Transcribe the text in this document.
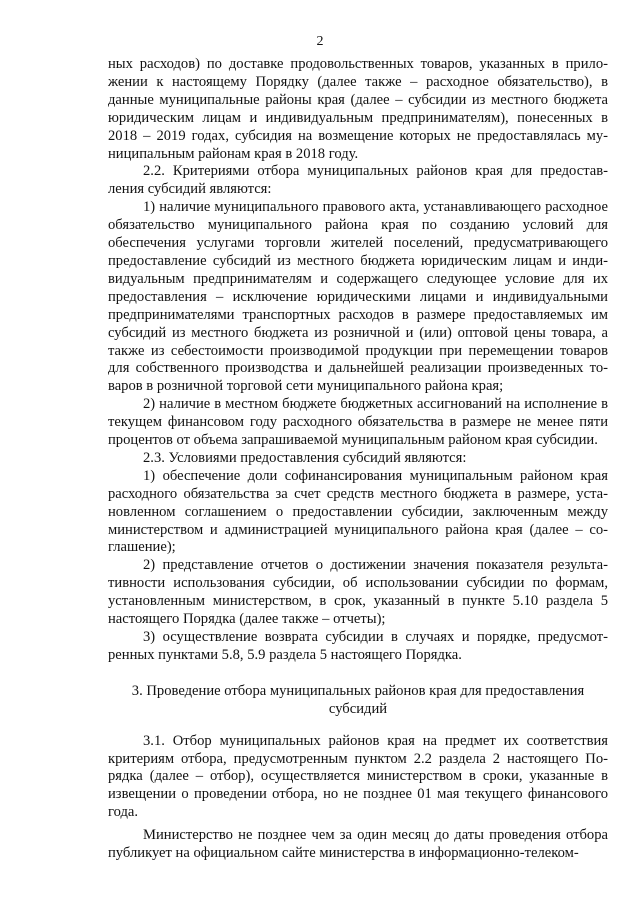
2

ных расходов) по доставке продовольственных товаров, указанных в приложении к настоящему Порядку (далее также – расходное обязательство), в данные муниципальные районы края (далее – субсидии из местного бюджета юридическим лицам и индивидуальным предпринимателям), понесенных в 2018 – 2019 годах, субсидия на возмещение которых не предоставлялась муниципальным районам края в 2018 году.

2.2. Критериями отбора муниципальных районов края для предоставления субсидий являются:

1) наличие муниципального правового акта, устанавливающего расходное обязательство муниципального района края по созданию условий для обеспечения услугами торговли жителей поселений, предусматривающего предоставление субсидий из местного бюджета юридическим лицам и индивидуальным предпринимателям и содержащего следующее условие для их предоставления – исключение юридическими лицами и индивидуальными предпринимателями транспортных расходов в размере предоставляемых им субсидий из местного бюджета из розничной и (или) оптовой цены товара, а также из себестоимости производимой продукции при перемещении товаров для собственного производства и дальнейшей реализации произведенных товаров в розничной торговой сети муниципального района края;

2) наличие в местном бюджете бюджетных ассигнований на исполнение в текущем финансовом году расходного обязательства в размере не менее пяти процентов от объема запрашиваемой муниципальным районом края субсидии.

2.3. Условиями предоставления субсидий являются:

1) обеспечение доли софинансирования муниципальным районом края расходного обязательства за счет средств местного бюджета в размере, установленном соглашением о предоставлении субсидии, заключенным между министерством и администрацией муниципального района края (далее – соглашение);

2) представление отчетов о достижении значения показателя результативности использования субсидии, об использовании субсидии по формам, установленным министерством, в срок, указанный в пункте 5.10 раздела 5 настоящего Порядка (далее также – отчеты);

3) осуществление возврата субсидии в случаях и порядке, предусмотренных пунктами 5.8, 5.9 раздела 5 настоящего Порядка.

3. Проведение отбора муниципальных районов края для предоставления субсидий

3.1. Отбор муниципальных районов края на предмет их соответствия критериям отбора, предусмотренным пунктом 2.2 раздела 2 настоящего Порядка (далее – отбор), осуществляется министерством в сроки, указанные в извещении о проведении отбора, но не позднее 01 мая текущего финансового года.

Министерство не позднее чем за один месяц до даты проведения отбора публикует на официальном сайте министерства в информационно-телеком-
